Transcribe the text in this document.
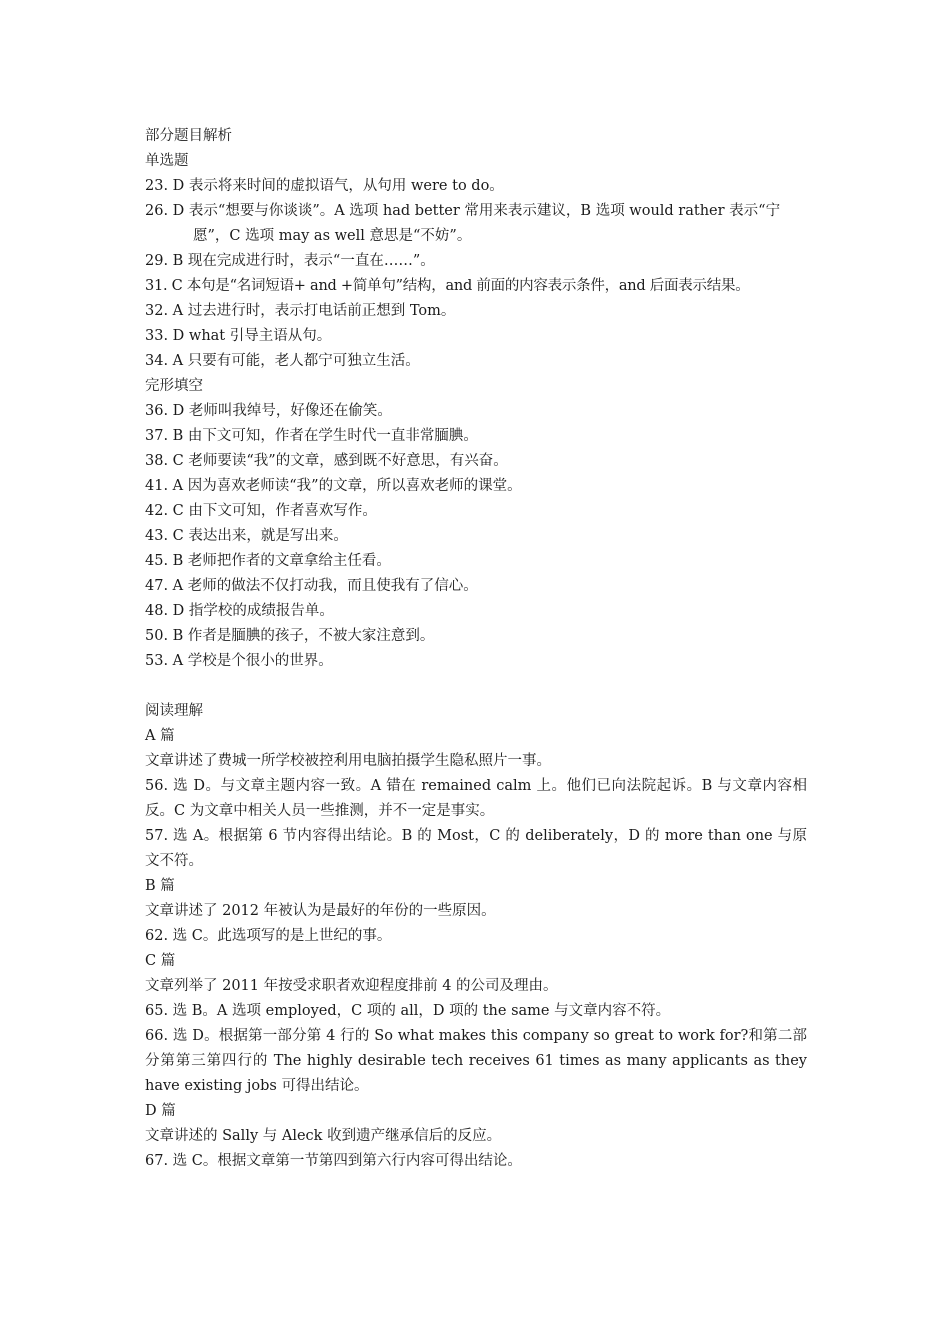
部分题目解析

单选题

23. D 表示将来时间的虚拟语气，从句用 were to do。

26. D 表示“想要与你谈谈”。A 选项 had better 常用来表示建议，B 选项 would rather 表示“宁愿”，C 选项 may as well 意思是“不妨”。

29. B 现在完成进行时，表示“一直在……”。

31. C 本句是“名词短语+ and +简单句”结构，and 前面的内容表示条件，and 后面表示结果。

32. A 过去进行时，表示打电话前正想到 Tom。

33. D what 引导主语从句。

34. A 只要有可能，老人都宁可独立生活。

完形填空

36. D 老师叫我绰号，好像还在偷笑。

37. B 由下文可知，作者在学生时代一直非常腼腆。

38. C 老师要读“我”的文章，感到既不好意思，有兴奋。

41. A 因为喜欢老师读“我”的文章，所以喜欢老师的课堂。

42. C 由下文可知，作者喜欢写作。

43. C 表达出来，就是写出来。

45. B 老师把作者的文章拿给主任看。

47. A 老师的做法不仅打动我，而且使我有了信心。

48. D 指学校的成绩报告单。

50. B 作者是腼腆的孩子，不被大家注意到。

53. A 学校是个很小的世界。

阅读理解

A 篇

文章讲述了费城一所学校被控利用电脑拍摄学生隐私照片一事。

56. 选 D。与文章主题内容一致。A 错在 remained calm 上。他们已向法院起诉。B 与文章内容相反。C 为文章中相关人员一些推测，并不一定是事实。

57. 选 A。根据第 6 节内容得出结论。B 的 Most，C 的 deliberately，D 的 more than one 与原文不符。

B 篇

文章讲述了 2012 年被认为是最好的年份的一些原因。

62. 选 C。此选项写的是上世纪的事。

C 篇

文章列举了 2011 年按受求职者欢迎程度排前 4 的公司及理由。

65. 选 B。A 选项 employed，C 项的 all，D 项的 the same 与文章内容不符。

66. 选 D。根据第一部分第 4 行的 So what makes this company so great to work for?和第二部分第第三第四行的 The highly desirable tech receives 61 times as many applicants as they have existing jobs 可得出结论。

D 篇

文章讲述的 Sally 与 Aleck 收到遗产继承信后的反应。

67. 选 C。根据文章第一节第四到第六行内容可得出结论。
